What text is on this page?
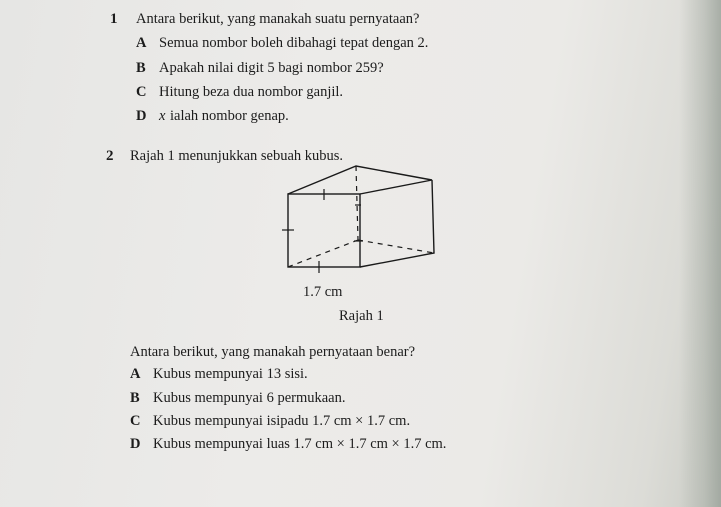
1 Antara berikut, yang manakah suatu pernyataan?
A Semua nombor boleh dibahagi tepat dengan 2.
B Apakah nilai digit 5 bagi nombor 259?
C Hitung beza dua nombor ganjil.
D x ialah nombor genap.
2 Rajah 1 menunjukkan sebuah kubus.
1.7 cm
Rajah 1
Antara berikut, yang manakah pernyataan benar?
A Kubus mempunyai 13 sisi.
B Kubus mempunyai 6 permukaan.
C Kubus mempunyai isipadu 1.7 cm × 1.7 cm.
D Kubus mempunyai luas 1.7 cm × 1.7 cm × 1.7 cm.
